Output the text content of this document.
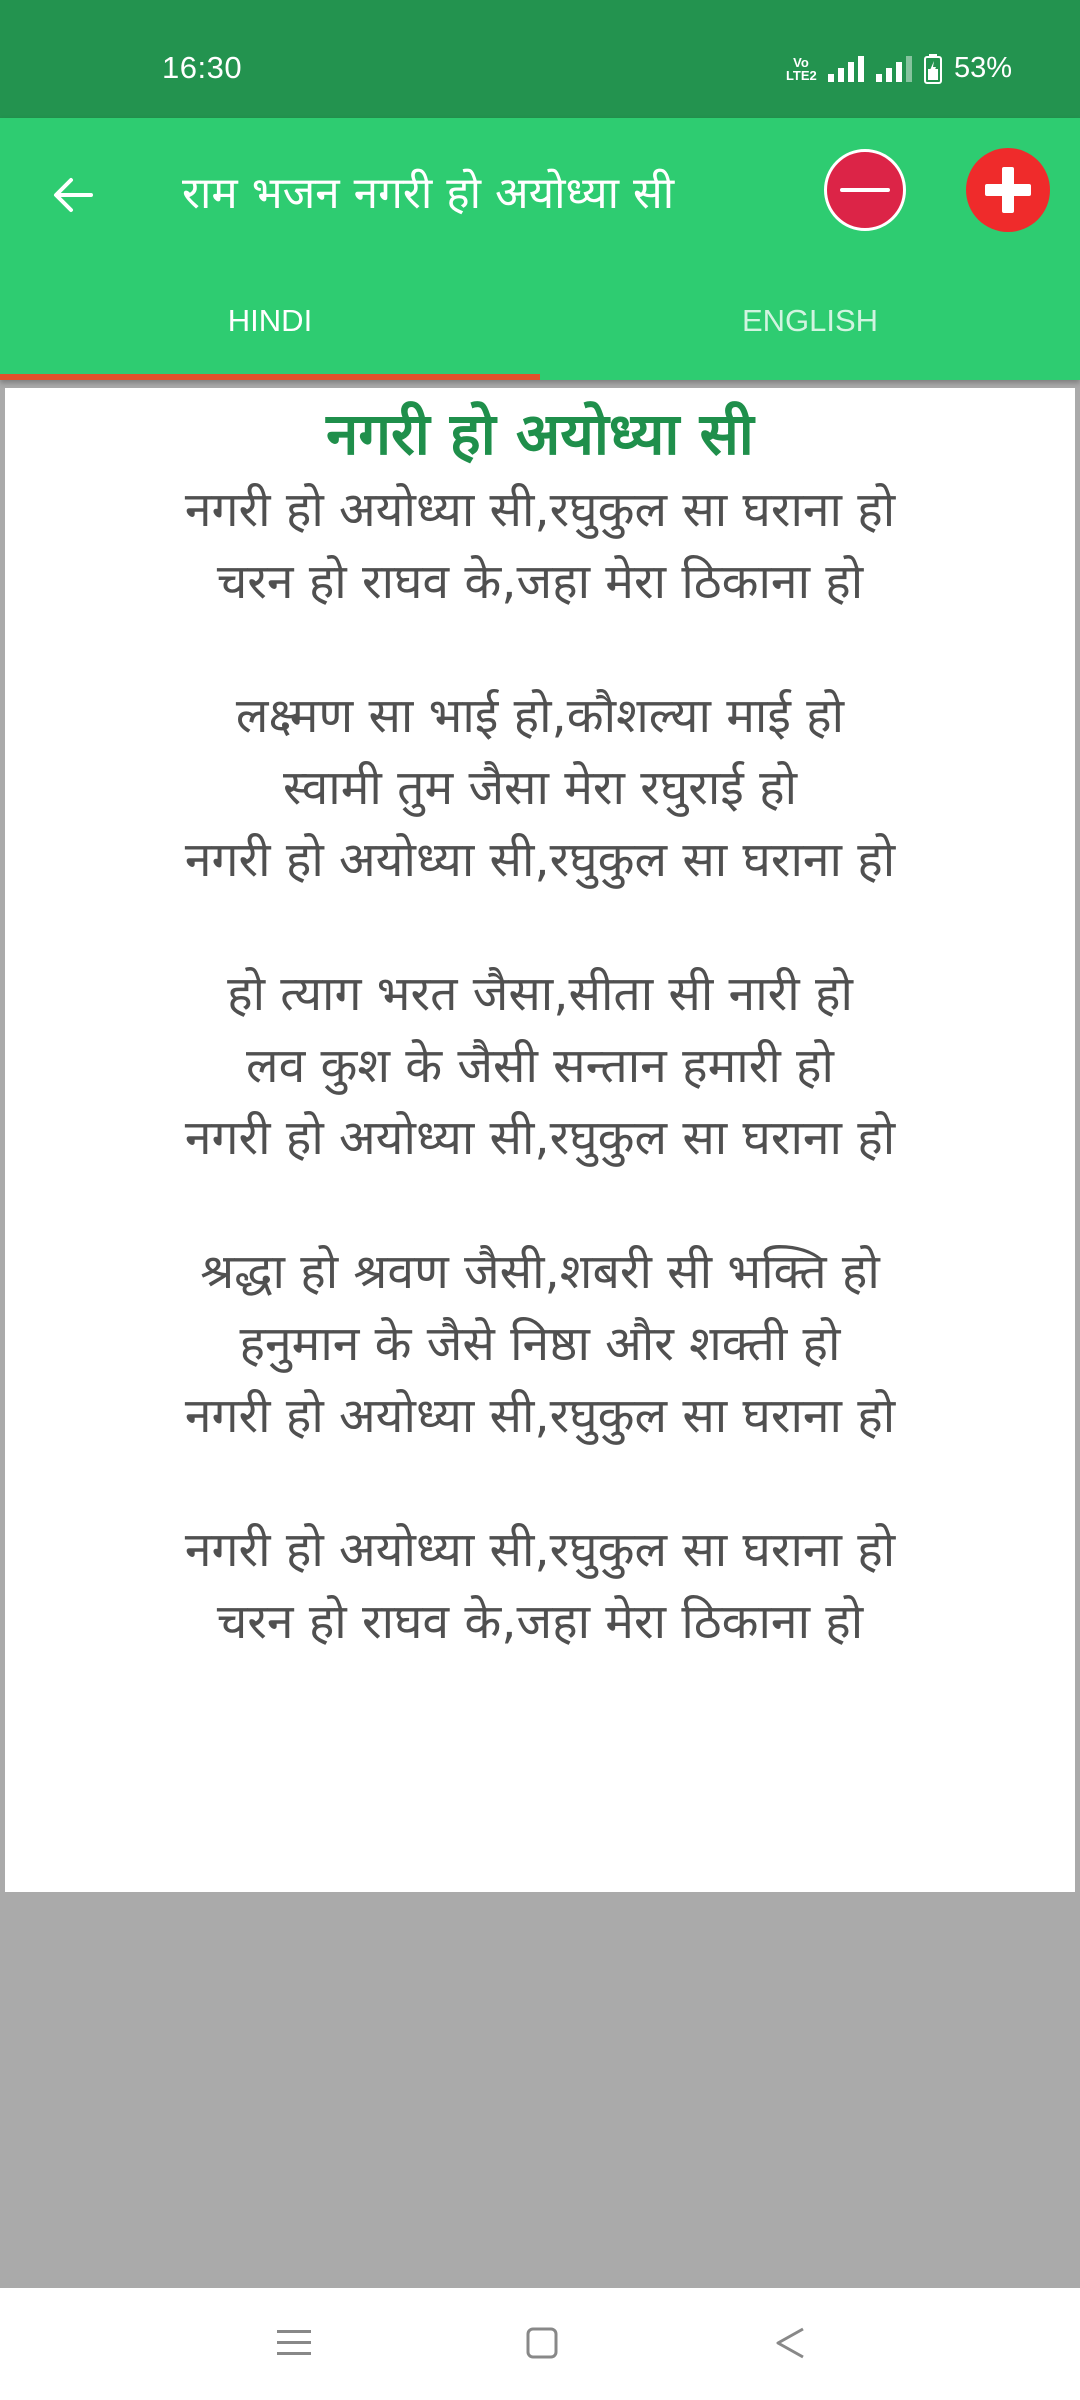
16:30	Vo
LTE2	53%
राम भजन नगरी हो अयोध्या सी
HINDI	ENGLISH
नगरी हो अयोध्या सी
नगरी हो अयोध्या सी,रघुकुल सा घराना हो
चरन हो राघव के,जहा मेरा ठिकाना हो
लक्ष्मण सा भाई हो,कौशल्या माई हो
स्वामी तुम जैसा मेरा रघुराई हो
नगरी हो अयोध्या सी,रघुकुल सा घराना हो
हो त्याग भरत जैसा,सीता सी नारी हो
लव कुश के जैसी सन्तान हमारी हो
नगरी हो अयोध्या सी,रघुकुल सा घराना हो
श्रद्धा हो श्रवण जैसी,शबरी सी भक्ति हो
हनुमान के जैसे निष्ठा और शक्ती हो
नगरी हो अयोध्या सी,रघुकुल सा घराना हो
नगरी हो अयोध्या सी,रघुकुल सा घराना हो
चरन हो राघव के,जहा मेरा ठिकाना हो
